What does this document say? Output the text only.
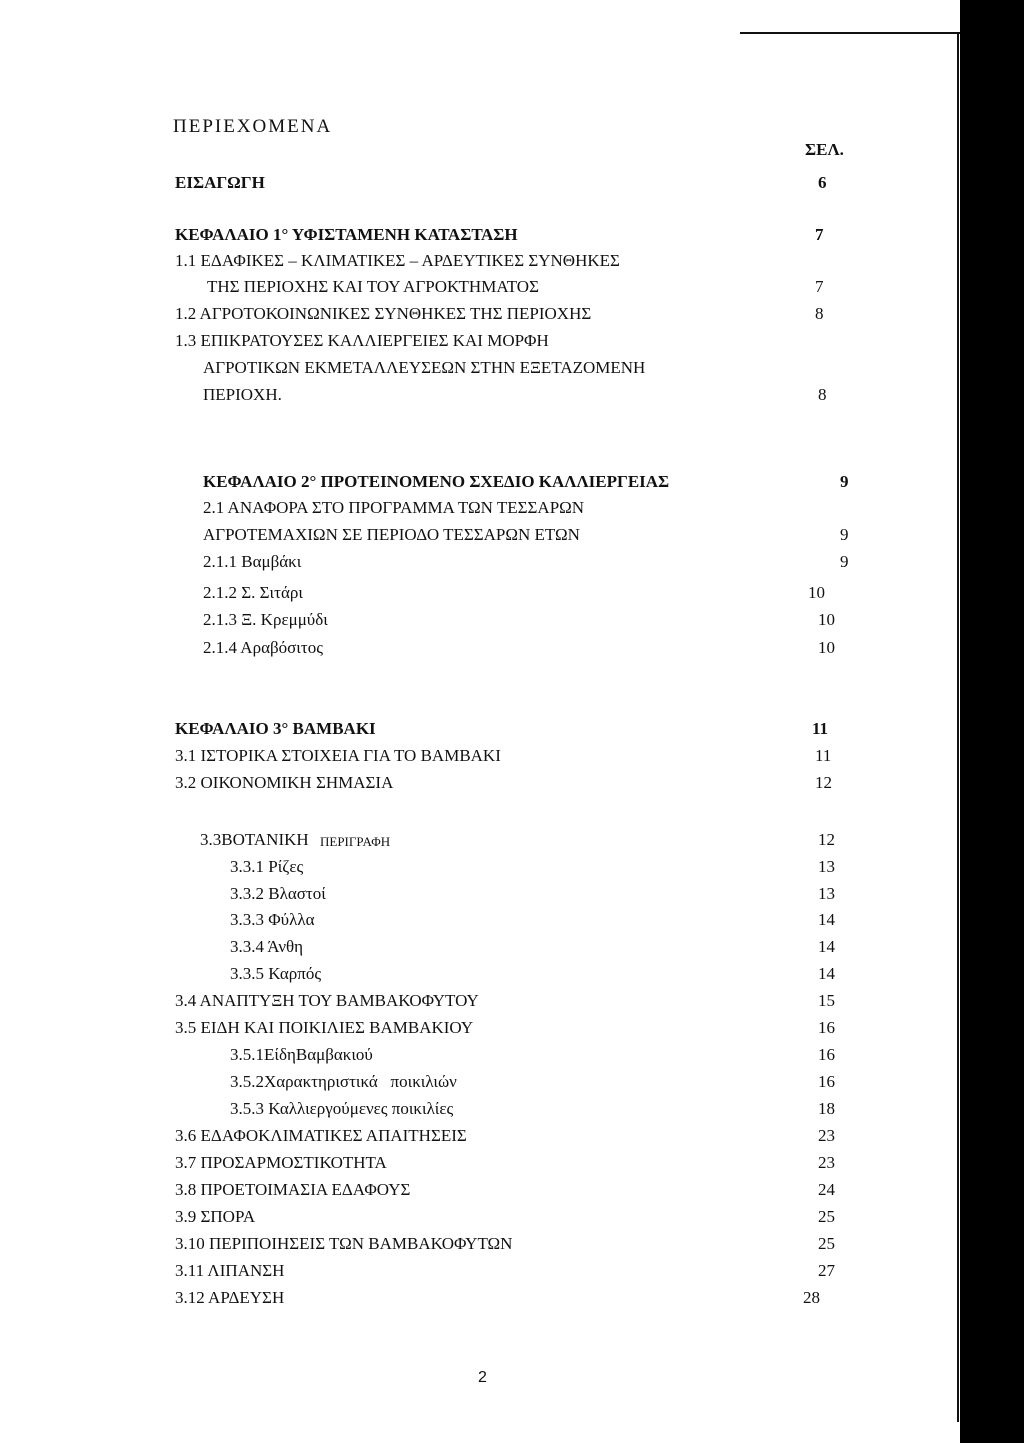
ΠΕΡΙΕΧΟΜΕΝΑ
ΣΕΛ.
ΕΙΣΑΓΩΓΗ	6
ΚΕΦΑΛΑΙΟ 1° ΥΦΙΣΤΑΜΕΝΗ ΚΑΤΑΣΤΑΣΗ	7
1.1 ΕΔΑΦΙΚΕΣ – ΚΛΙΜΑΤΙΚΕΣ – ΑΡΔΕΥΤΙΚΕΣ ΣΥΝΘΗΚΕΣ
ΤΗΣ ΠΕΡΙΟΧΗΣ ΚΑΙ ΤΟΥ ΑΓΡΟΚΤΗΜΑΤΟΣ	7
1.2 ΑΓΡΟΤΟΚΟΙΝΩΝΙΚΕΣ ΣΥΝΘΗΚΕΣ ΤΗΣ ΠΕΡΙΟΧΗΣ	8
1.3 ΕΠΙΚΡΑΤΟΥΣΕΣ ΚΑΛΛΙΕΡΓΕΙΕΣ ΚΑΙ ΜΟΡΦΗ
ΑΓΡΟΤΙΚΩΝ ΕΚΜΕΤΑΛΛΕΥΣΕΩΝ ΣΤΗΝ ΕΞΕΤΑΖΟΜΕΝΗ
ΠΕΡΙΟΧΗ.	8
ΚΕΦΑΛΑΙΟ 2° ΠΡΟΤΕΙΝΟΜΕΝΟ ΣΧΕΔΙΟ ΚΑΛΛΙΕΡΓΕΙΑΣ	9
2.1 ΑΝΑΦΟΡΑ ΣΤΟ ΠΡΟΓΡΑΜΜΑ ΤΩΝ ΤΕΣΣΑΡΩΝ
ΑΓΡΟΤΕΜΑΧΙΩΝ ΣΕ ΠΕΡΙΟΔΟ ΤΕΣΣΑΡΩΝ ΕΤΩΝ	9
2.1.1 Βαμβάκι	9
2.1.2 Σ. Σιτάρι	10
2.1.3 Ξ. Κρεμμύδι	10
2.1.4 Αραβόσιτος	10
ΚΕΦΑΛΑΙΟ 3° ΒΑΜΒΑΚΙ	11
3.1 ΙΣΤΟΡΙΚΑ ΣΤΟΙΧΕΙΑ ΓΙΑ ΤΟ ΒΑΜΒΑΚΙ	11
3.2 ΟΙΚΟΝΟΜΙΚΗ ΣΗΜΑΣΙΑ	12
3.3ΒΟΤΑΝΙΚΗ ΠΕΡΙΓΡΑΦΗ	12
3.3.1 Ρίζες	13
3.3.2 Βλαστοί	13
3.3.3 Φύλλα	14
3.3.4 Άνθη	14
3.3.5 Καρπός	14
3.4 ΑΝΑΠΤΥΞΗ ΤΟΥ ΒΑΜΒΑΚΟΦΥΤΟΥ	15
3.5 ΕΙΔΗ ΚΑΙ ΠΟΙΚΙΛΙΕΣ ΒΑΜΒΑΚΙΟΥ	16
3.5.1ΕίδηΒαμβακιού	16
3.5.2Χαρακτηριστικά   ποικιλιών	16
3.5.3 Καλλιεργούμενες ποικιλίες	18
3.6 ΕΔΑΦΟΚΛΙΜΑΤΙΚΕΣ ΑΠΑΙΤΗΣΕΙΣ	23
3.7 ΠΡΟΣΑΡΜΟΣΤΙΚΟΤΗΤΑ	23
3.8 ΠΡΟΕΤΟΙΜΑΣΙΑ ΕΔΑΦΟΥΣ	24
3.9 ΣΠΟΡΑ	25
3.10 ΠΕΡΙΠΟΙΗΣΕΙΣ ΤΩΝ ΒΑΜΒΑΚΟΦΥΤΩΝ	25
3.11 ΛΙΠΑΝΣΗ	27
3.12 ΑΡΔΕΥΣΗ	28
2
